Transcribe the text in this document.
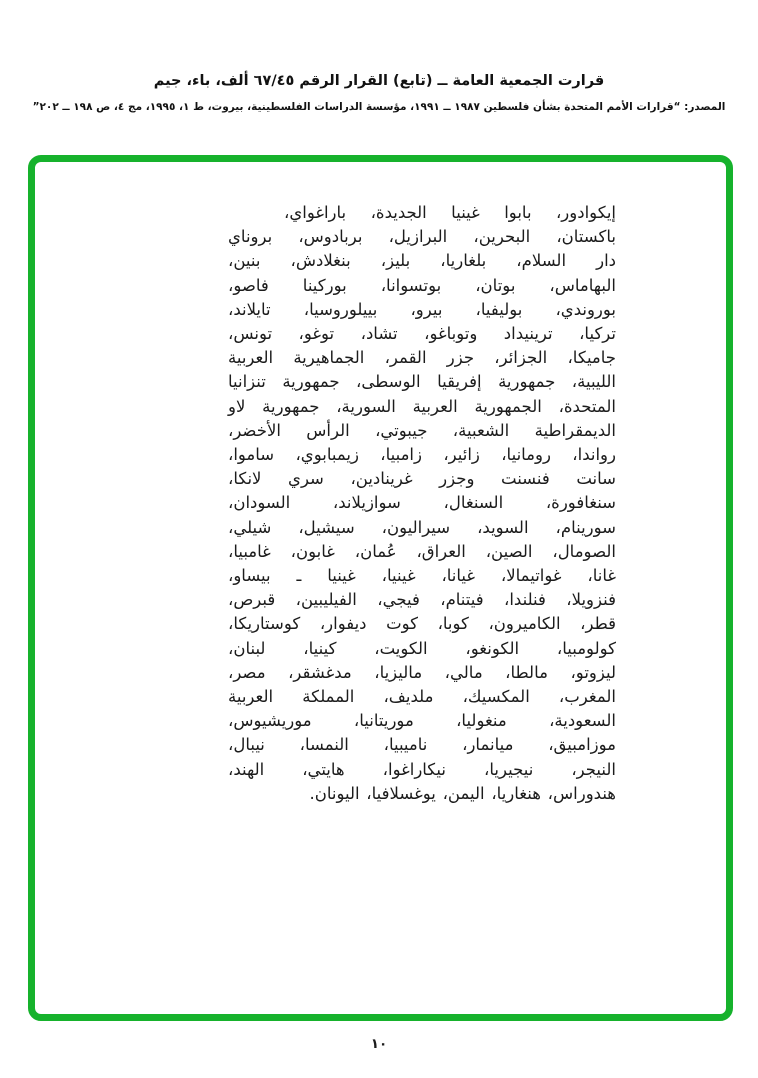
قرارت الجمعية العامة ــ (تابع) القرار الرقم ٦٧/٤٥ ألف، باء، جيم
المصدر: “قرارات الأمم المتحدة بشأن فلسطين ١٩٨٧ ــ ١٩٩١، مؤسسة الدراسات الفلسطينية، بيروت، ط ١، ١٩٩٥، مج ٤، ص ١٩٨ ــ ٢٠٢”
إيكوادور، بابوا غينيا الجديدة، باراغواي،
باكستان، البحرين، البرازيل، بربادوس، بروناي
دار السلام، بلغاريا، بليز، بنغلادش، بنين،
البهاماس، بوتان، بوتسوانا، بوركينا فاصو،
بوروندي، بوليفيا، بيرو، بييلوروسيا، تايلاند،
تركيا، ترينيداد وتوباغو، تشاد، توغو، تونس،
جاميكا، الجزائر، جزر القمر، الجماهيرية العربية
الليبية، جمهورية إفريقيا الوسطى، جمهورية تنزانيا
المتحدة، الجمهورية العربية السورية، جمهورية لاو
الديمقراطية الشعبية، جيبوتي، الرأس الأخضر،
رواندا، رومانيا، زائير، زامبيا، زيمبابوي، ساموا،
سانت فنسنت وجزر غرينادين، سري لانكا،
سنغافورة، السنغال، سوازيلاند، السودان،
سورينام، السويد، سيراليون، سيشيل، شيلي،
الصومال، الصين، العراق، عُمان، غابون، غامبيا،
غانا، غواتيمالا، غيانا، غينيا، غينيا ـ بيساو،
فنزويلا، فنلندا، فيتنام، فيجي، الفيليبين، قبرص،
قطر، الكاميرون، كوبا، كوت ديفوار، كوستاريكا،
كولومبيا، الكونغو، الكويت، كينيا، لبنان،
ليزوتو، مالطا، مالي، ماليزيا، مدغشقر، مصر،
المغرب، المكسيك، ملديف، المملكة العربية
السعودية، منغوليا، موريتانيا، موريشيوس،
موزامبيق، ميانمار، ناميبيا، النمسا، نيبال،
النيجر، نيجيريا، نيكاراغوا، هايتي، الهند،
هندوراس، هنغاريا، اليمن، يوغسلافيا، اليونان.
١٠
